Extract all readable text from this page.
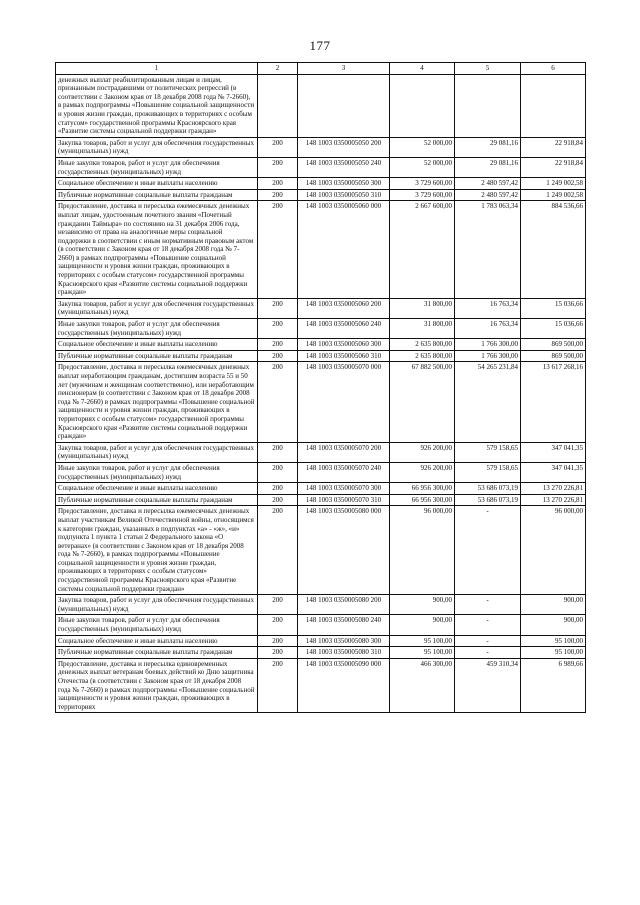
177
1	2	3	4	5	6
денежных выплат реабилитированным лицам и лицам, признанным пострадавшими от политических репрессий (в соответствии с Законом края от 18 декабря 2008 года № 7-2660), в рамках подпрограммы «Повышение социальной защищенности и уровня жизни граждан, проживающих в территориях с особым статусом» государственной программы Красноярского края «Развитие системы социальной поддержки граждан»					
Закупка товаров, работ и услуг для обеспечения государственных (муниципальных) нужд	200	148 1003 0350005050 200	52 000,00	29 081,16	22 918,84
Иные закупки товаров, работ и услуг для обеспечения государственных (муниципальных) нужд	200	148 1003 0350005050 240	52 000,00	29 081,16	22 918,84
Социальное обеспечение и иные выплаты населению	200	148 1003 0350005050 300	3 729 600,00	2 480 597,42	1 249 002,58
Публичные нормативные социальные выплаты гражданам	200	148 1003 0350005050 310	3 729 600,00	2 480 597,42	1 249 002,58
Предоставление, доставка и пересылка ежемесячных денежных выплат лицам, удостоенным почетного звания «Почетный гражданин Таймыра» по состоянию на 31 декабря 2006 года, независимо от права на аналогичные меры социальной поддержки в соответствии с иным нормативным правовым актом (в соответствии с Законом края от 18 декабря 2008 года № 7-2660) в рамках подпрограммы «Повышение социальной защищенности и уровня жизни граждан, проживающих в территориях с особым статусом» государственной программы Красноярского края «Развитие системы социальной поддержки граждан»	200	148 1003 0350005060 000	2 667 600,00	1 783 063,34	884 536,66
Закупка товаров, работ и услуг для обеспечения государственных (муниципальных) нужд	200	148 1003 0350005060 200	31 800,00	16 763,34	15 036,66
Иные закупки товаров, работ и услуг для обеспечения государственных (муниципальных) нужд	200	148 1003 0350005060 240	31 800,00	16 763,34	15 036,66
Социальное обеспечение и иные выплаты населению	200	148 1003 0350005060 300	2 635 800,00	1 766 300,00	869 500,00
Публичные нормативные социальные выплаты гражданам	200	148 1003 0350005060 310	2 635 800,00	1 766 300,00	869 500,00
Предоставление, доставка и пересылка ежемесячных денежных выплат неработающим гражданам, достигшим возраста 55 и 50 лет (мужчинам и женщинам соответственно), или неработающим пенсионерам (в соответствии с Законом края от 18 декабря 2008 года № 7-2660) в рамках подпрограммы «Повышение социальной защищенности и уровня жизни граждан, проживающих в территориях с особым статусом» государственной программы Красноярского края «Развитие системы социальной поддержки граждан»	200	148 1003 0350005070 000	67 882 500,00	54 265 231,84	13 617 268,16
Закупка товаров, работ и услуг для обеспечения государственных (муниципальных) нужд	200	148 1003 0350005070 200	926 200,00	579 158,65	347 041,35
Иные закупки товаров, работ и услуг для обеспечения государственных (муниципальных) нужд	200	148 1003 0350005070 240	926 200,00	579 158,65	347 041,35
Социальное обеспечение и иные выплаты населению	200	148 1003 0350005070 300	66 956 300,00	53 686 073,19	13 270 226,81
Публичные нормативные социальные выплаты гражданам	200	148 1003 0350005070 310	66 956 300,00	53 686 073,19	13 270 226,81
Предоставление, доставка и пересылка ежемесячных денежных выплат участникам Великой Отечественной войны, относящимся к категории граждан, указанных в подпунктах «а» - «ж», «и» подпункта 1 пункта 1 статьи 2 Федерального закона «О ветеранах» (в соответствии с Законом края от 18 декабря 2008 года № 7-2660), в рамках подпрограммы «Повышение социальной защищенности и уровня жизни граждан, проживающих в территориях с особым статусом» государственной программы Красноярского края «Развитие системы социальной поддержки граждан»	200	148 1003 0350005080 000	96 000,00	-	96 000,00
Закупка товаров, работ и услуг для обеспечения государственных (муниципальных) нужд	200	148 1003 0350005080 200	900,00	-	900,00
Иные закупки товаров, работ и услуг для обеспечения государственных (муниципальных) нужд	200	148 1003 0350005080 240	900,00	-	900,00
Социальное обеспечение и иные выплаты населению	200	148 1003 0350005080 300	95 100,00	-	95 100,00
Публичные нормативные социальные выплаты гражданам	200	148 1003 0350005080 310	95 100,00	-	95 100,00
Предоставление, доставка и пересылка единовременных денежных выплат ветеранам боевых действий ко Дню защитника Отечества (в соответствии с Законом края от 18 декабря 2008 года № 7-2660) в рамках подпрограммы «Повышение социальной защищенности и уровня жизни граждан, проживающих в территориях	200	148 1003 0350005090 000	466 300,00	459 310,34	6 989,66
